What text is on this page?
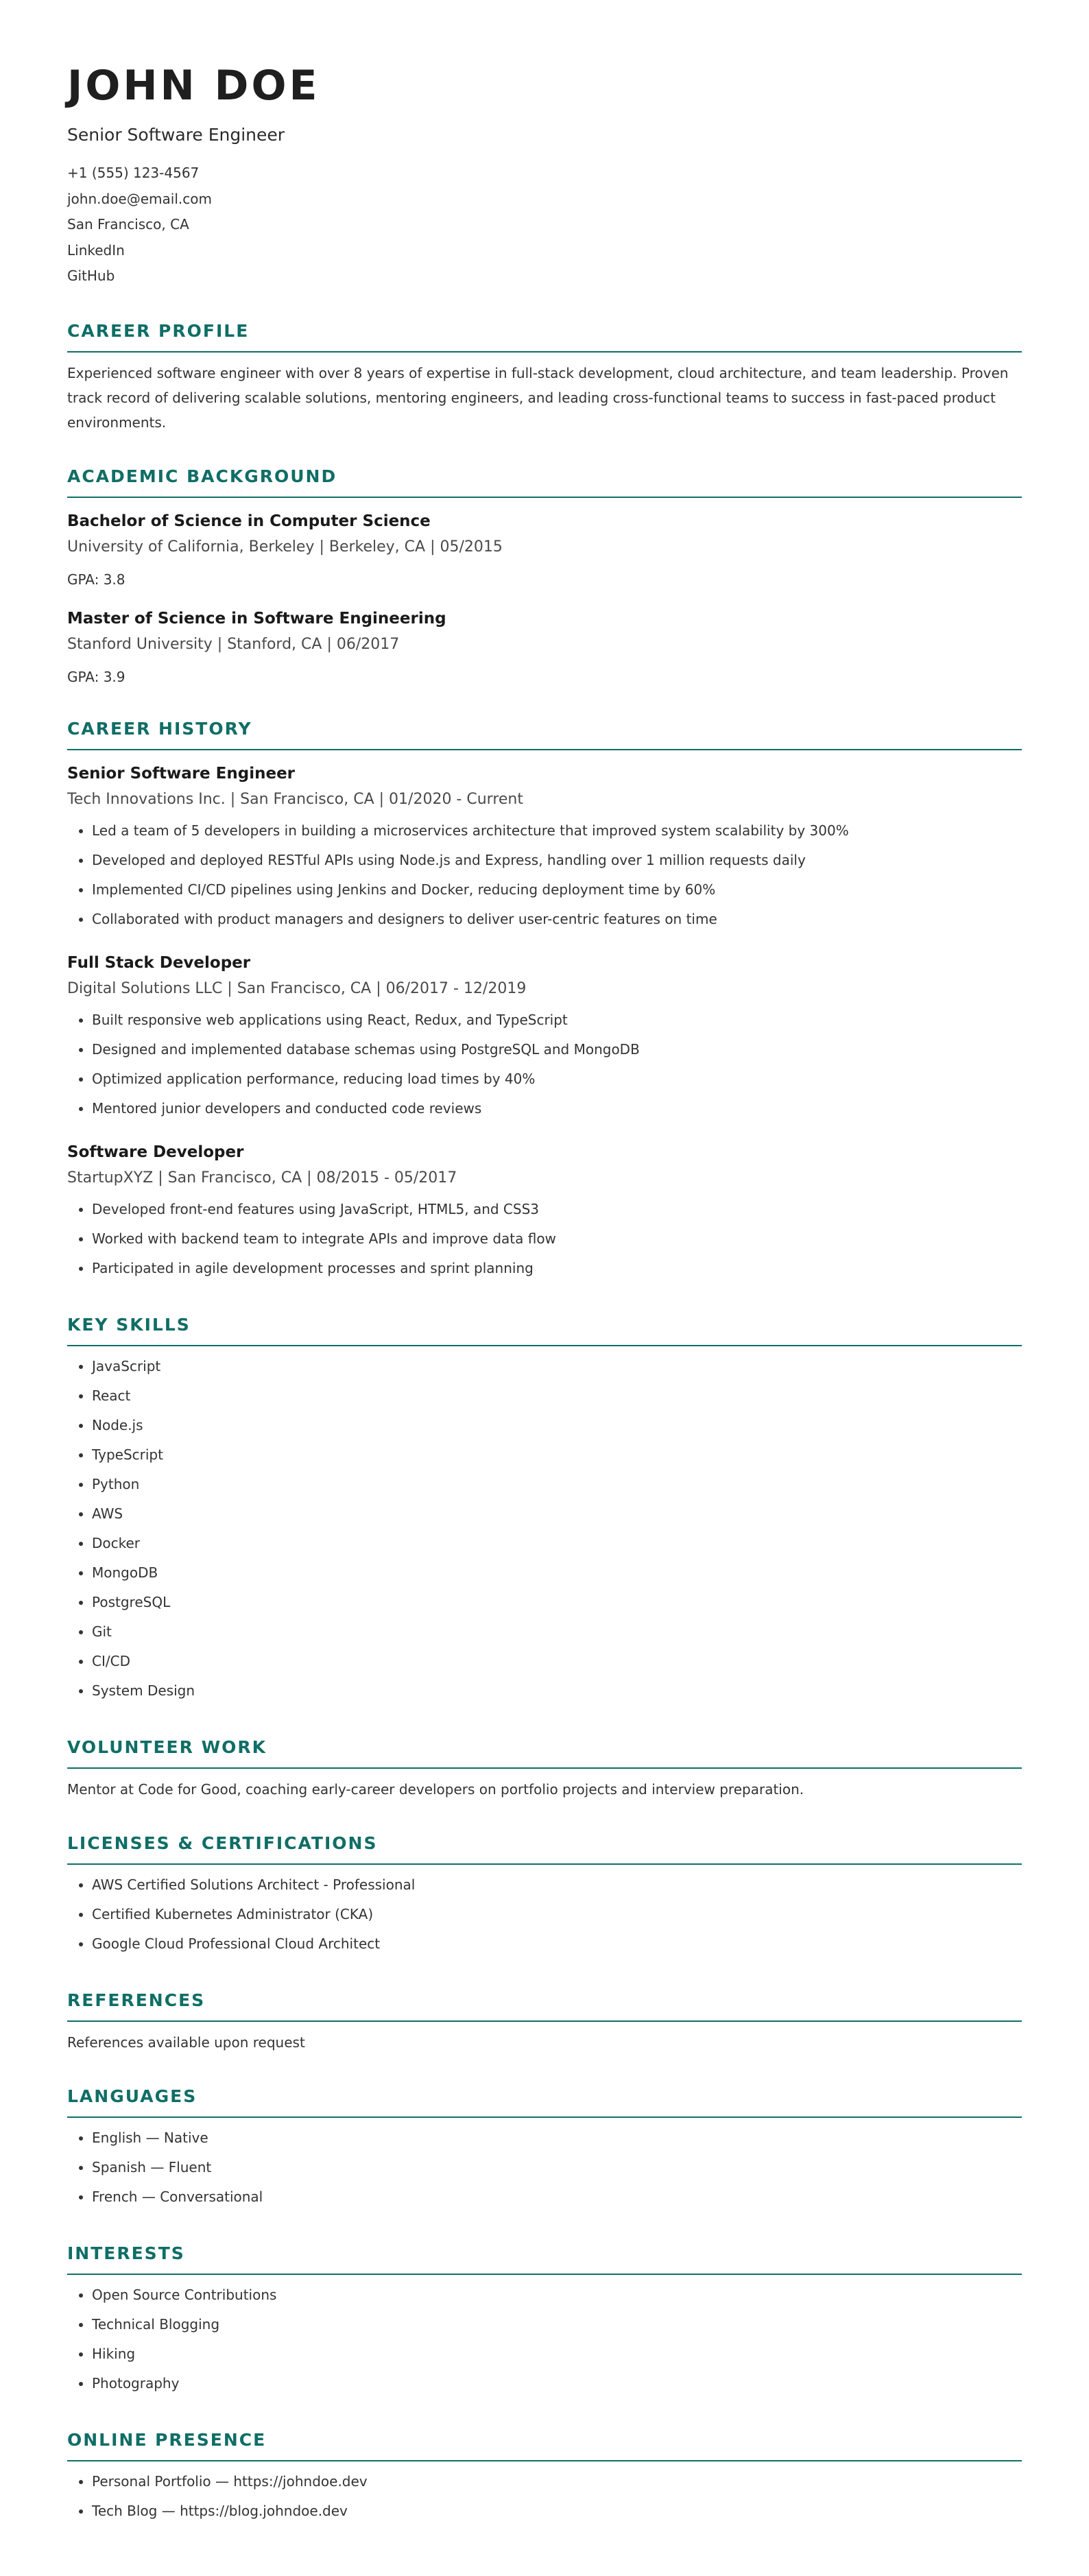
JOHN DOE
Senior Software Engineer
+1 (555) 123-4567
john.doe@email.com
San Francisco, CA
LinkedIn
GitHub
CAREER PROFILE
Experienced software engineer with over 8 years of expertise in full-stack development, cloud architecture, and team leadership. Proven track record of delivering scalable solutions, mentoring engineers, and leading cross-functional teams to success in fast-paced product environments.
ACADEMIC BACKGROUND
Bachelor of Science in Computer Science
University of California, Berkeley | Berkeley, CA | 05/2015
GPA: 3.8
Master of Science in Software Engineering
Stanford University | Stanford, CA | 06/2017
GPA: 3.9
CAREER HISTORY
Senior Software Engineer
Tech Innovations Inc. | San Francisco, CA | 01/2020 - Current
• Led a team of 5 developers in building a microservices architecture that improved system scalability by 300%
• Developed and deployed RESTful APIs using Node.js and Express, handling over 1 million requests daily
• Implemented CI/CD pipelines using Jenkins and Docker, reducing deployment time by 60%
• Collaborated with product managers and designers to deliver user-centric features on time
Full Stack Developer
Digital Solutions LLC | San Francisco, CA | 06/2017 - 12/2019
• Built responsive web applications using React, Redux, and TypeScript
• Designed and implemented database schemas using PostgreSQL and MongoDB
• Optimized application performance, reducing load times by 40%
• Mentored junior developers and conducted code reviews
Software Developer
StartupXYZ | San Francisco, CA | 08/2015 - 05/2017
• Developed front-end features using JavaScript, HTML5, and CSS3
• Worked with backend team to integrate APIs and improve data flow
• Participated in agile development processes and sprint planning
KEY SKILLS
• JavaScript
• React
• Node.js
• TypeScript
• Python
• AWS
• Docker
• MongoDB
• PostgreSQL
• Git
• CI/CD
• System Design
VOLUNTEER WORK
Mentor at Code for Good, coaching early-career developers on portfolio projects and interview preparation.
LICENSES & CERTIFICATIONS
• AWS Certified Solutions Architect - Professional
• Certified Kubernetes Administrator (CKA)
• Google Cloud Professional Cloud Architect
REFERENCES
References available upon request
LANGUAGES
• English — Native
• Spanish — Fluent
• French — Conversational
INTERESTS
• Open Source Contributions
• Technical Blogging
• Hiking
• Photography
ONLINE PRESENCE
• Personal Portfolio — https://johndoe.dev
• Tech Blog — https://blog.johndoe.dev
